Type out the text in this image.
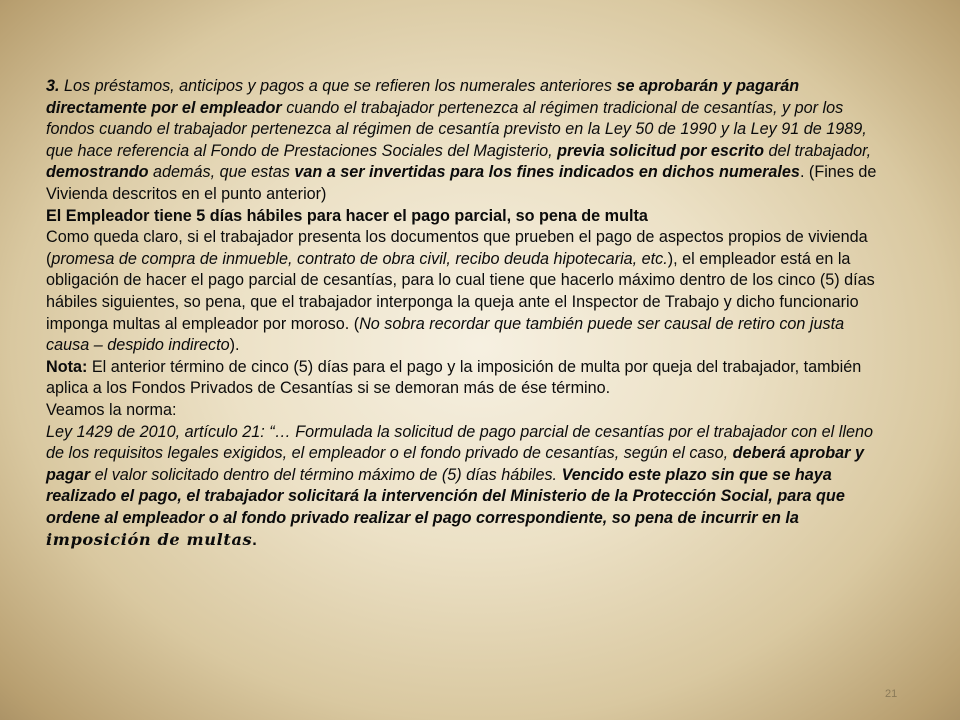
3. Los préstamos, anticipos y pagos a que se refieren los numerales anteriores se aprobarán y pagarán directamente por el empleador cuando el trabajador pertenezca al régimen tradicional de cesantías, y por los fondos cuando el trabajador pertenezca al régimen de cesantía previsto en la Ley 50 de 1990 y la Ley 91 de 1989, que hace referencia al Fondo de Prestaciones Sociales del Magisterio, previa solicitud por escrito del trabajador, demostrando además, que estas van a ser invertidas para los fines indicados en dichos numerales. (Fines de Vivienda descritos en el punto anterior)

El Empleador tiene 5 días hábiles para hacer el pago parcial, so pena de multa

Como queda claro, si el trabajador presenta los documentos que prueben el pago de aspectos propios de vivienda (promesa de compra de inmueble, contrato de obra civil, recibo deuda hipotecaria, etc.), el empleador está en la obligación de hacer el pago parcial de cesantías, para lo cual tiene que hacerlo máximo dentro de los cinco (5) días hábiles siguientes, so pena, que el trabajador interponga la queja ante el Inspector de Trabajo y dicho funcionario imponga multas al empleador por moroso. (No sobra recordar que también puede ser causal de retiro con justa causa – despido indirecto).

Nota: El anterior término de cinco (5) días para el pago y la imposición de multa por queja del trabajador, también aplica a los Fondos Privados de Cesantías si se demoran más de ése término.

Veamos la norma:

Ley 1429 de 2010, artículo 21: “… Formulada la solicitud de pago parcial de cesantías por el trabajador con el lleno de los requisitos legales exigidos, el empleador o el fondo privado de cesantías, según el caso, deberá aprobar y pagar el valor solicitado dentro del término máximo de (5) días hábiles. Vencido este plazo sin que se haya realizado el pago, el trabajador solicitará la intervención del Ministerio de la Protección Social, para que ordene al empleador o al fondo privado realizar el pago correspondiente, so pena de incurrir en la imposición de multas.

21
